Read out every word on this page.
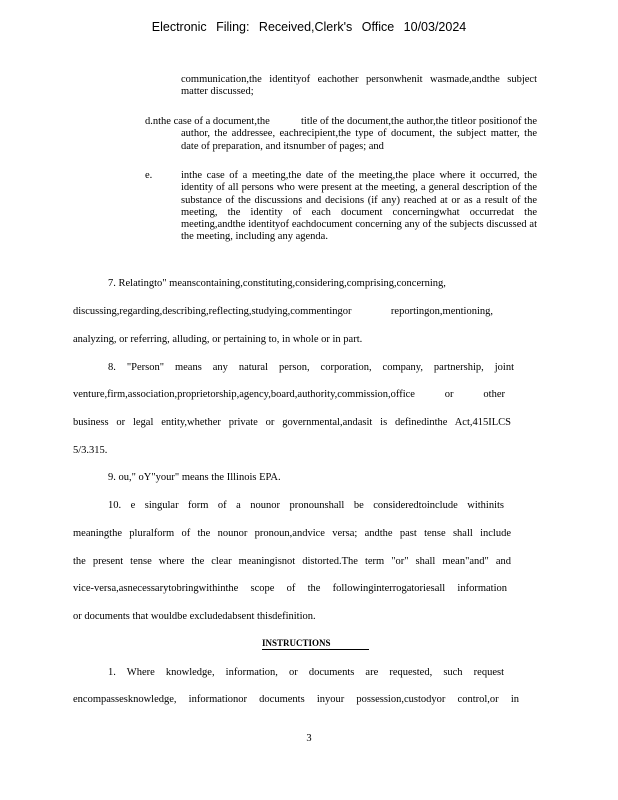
Electronic Filing: Received,Clerk's Office 10/03/2024
communication,the identityof eachother personwhenit wasmade,andthe subject matter discussed;
d.nthe case of a document,the	title of the document,the author,the titleor positionof the author, the addressee, eachrecipient,the type of document, the subject matter, the date of preparation, and itsnumber of pages; and
e.	inthe case of a meeting,the date of the meeting,the place where it occurred, the identity of all persons who were present at the meeting, a general description of the substance of the discussions and decisions (if any) reached at or as a result of the meeting, the identity of each document concerningwhat occurredat the meeting,andthe identityof eachdocument concerning any of the subjects discussed at the meeting, including any agenda.
7. Relatingto" meanscontaining,constituting,considering,comprising,concerning,
discussing,regarding,describing,reflecting,studying,commentingor reportingon,mentioning,
analyzing, or referring, alluding, or pertaining to, in whole or in part.
8. "Person" means any natural person, corporation, company, partnership, joint
venture,firm,association,proprietorship,agency,board,authority,commission,office or other
business or legal entity,whether private or governmental,andasit is definedinthe Act,415ILCS
5/3.315.
9. ou," oY"your" means the Illinois EPA.
10. e singular form of a nounor pronounshall be consideredtoinclude withinits
meaningthe pluralform of the nounor pronoun,andvice versa; andthe past tense shall include
the present tense where the clear meaningisnot distorted.The term "or" shall mean"and" and
vice-versa,asnecessarytobringwithinthe scope of the followinginterrogatoriesall information
or documents that wouldbe excludedabsent thisdefinition.
INSTRUCTIONS
1. Where knowledge, information, or documents are requested, such request
encompassesknowledge, informationor documents inyour possession,custodyor control,or in
3
